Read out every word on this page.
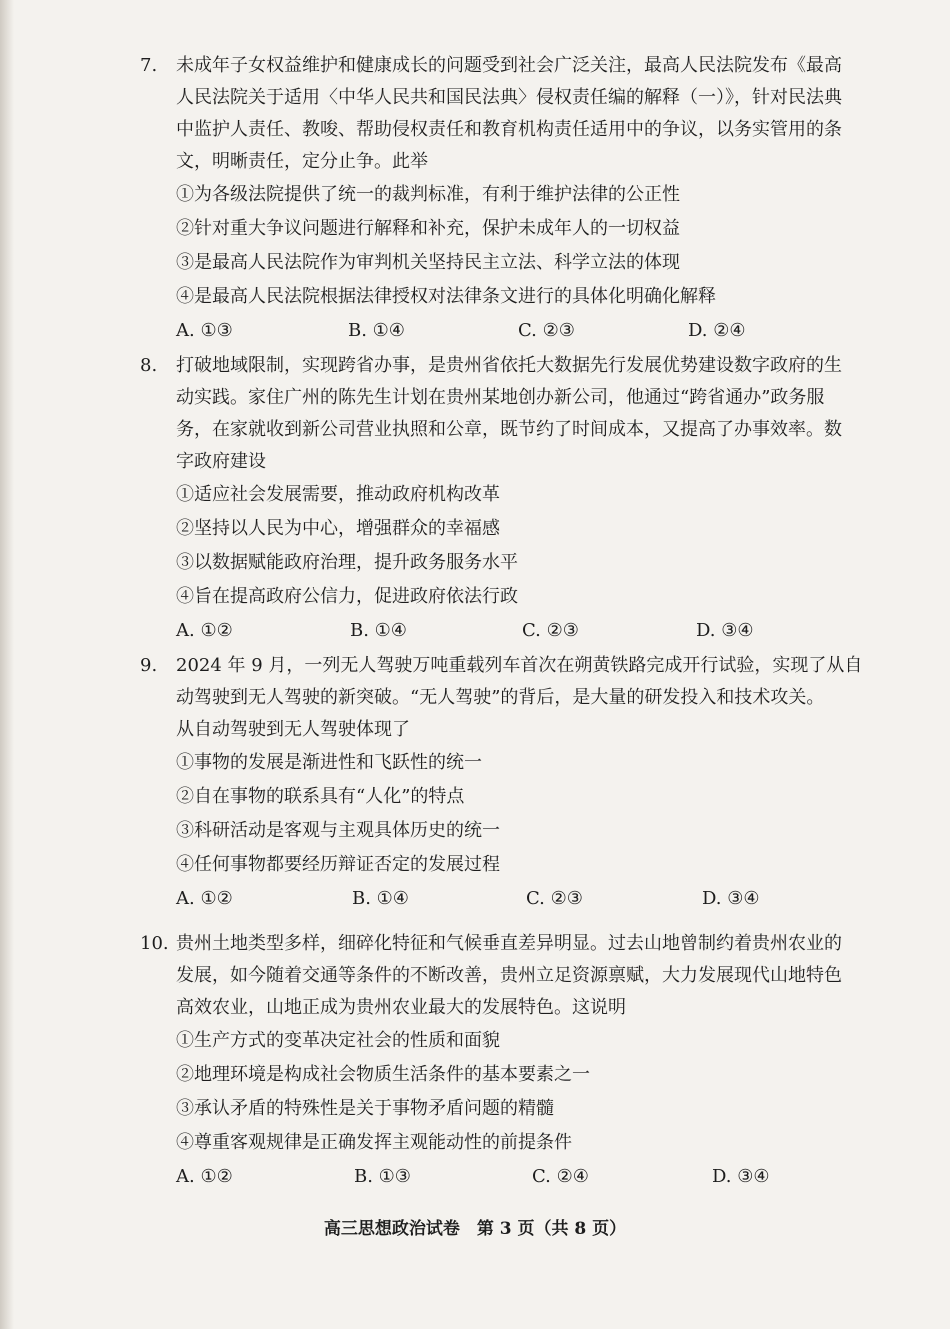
7.	未成年子女权益维护和健康成长的问题受到社会广泛关注，最高人民法院发布《最高
人民法院关于适用〈中华人民共和国民法典〉侵权责任编的解释（一）》，针对民法典
中监护人责任、教唆、帮助侵权责任和教育机构责任适用中的争议，以务实管用的条
文，明晰责任，定分止争。此举
①为各级法院提供了统一的裁判标准，有利于维护法律的公正性
②针对重大争议问题进行解释和补充，保护未成年人的一切权益
③是最高人民法院作为审判机关坚持民主立法、科学立法的体现
④是最高人民法院根据法律授权对法律条文进行的具体化明确化解释
A. ①③	B. ①④	C. ②③	D. ②④
8.	打破地域限制，实现跨省办事，是贵州省依托大数据先行发展优势建设数字政府的生
动实践。家住广州的陈先生计划在贵州某地创办新公司，他通过“跨省通办”政务服
务，在家就收到新公司营业执照和公章，既节约了时间成本，又提高了办事效率。数
字政府建设
①适应社会发展需要，推动政府机构改革
②坚持以人民为中心，增强群众的幸福感
③以数据赋能政府治理，提升政务服务水平
④旨在提高政府公信力，促进政府依法行政
A. ①②	B. ①④	C. ②③	D. ③④
9.	2024 年 9 月，一列无人驾驶万吨重载列车首次在朔黄铁路完成开行试验，实现了从自
动驾驶到无人驾驶的新突破。“无人驾驶”的背后，是大量的研发投入和技术攻关。
从自动驾驶到无人驾驶体现了
①事物的发展是渐进性和飞跃性的统一
②自在事物的联系具有“人化”的特点
③科研活动是客观与主观具体历史的统一
④任何事物都要经历辩证否定的发展过程
A. ①②	B. ①④	C. ②③	D. ③④
10. 贵州土地类型多样，细碎化特征和气候垂直差异明显。过去山地曾制约着贵州农业的
发展，如今随着交通等条件的不断改善，贵州立足资源禀赋，大力发展现代山地特色
高效农业，山地正成为贵州农业最大的发展特色。这说明
①生产方式的变革决定社会的性质和面貌
②地理环境是构成社会物质生活条件的基本要素之一
③承认矛盾的特殊性是关于事物矛盾问题的精髓
④尊重客观规律是正确发挥主观能动性的前提条件
A. ①②	B. ①③	C. ②④	D. ③④
高三思想政治试卷　第 3 页（共 8 页）
